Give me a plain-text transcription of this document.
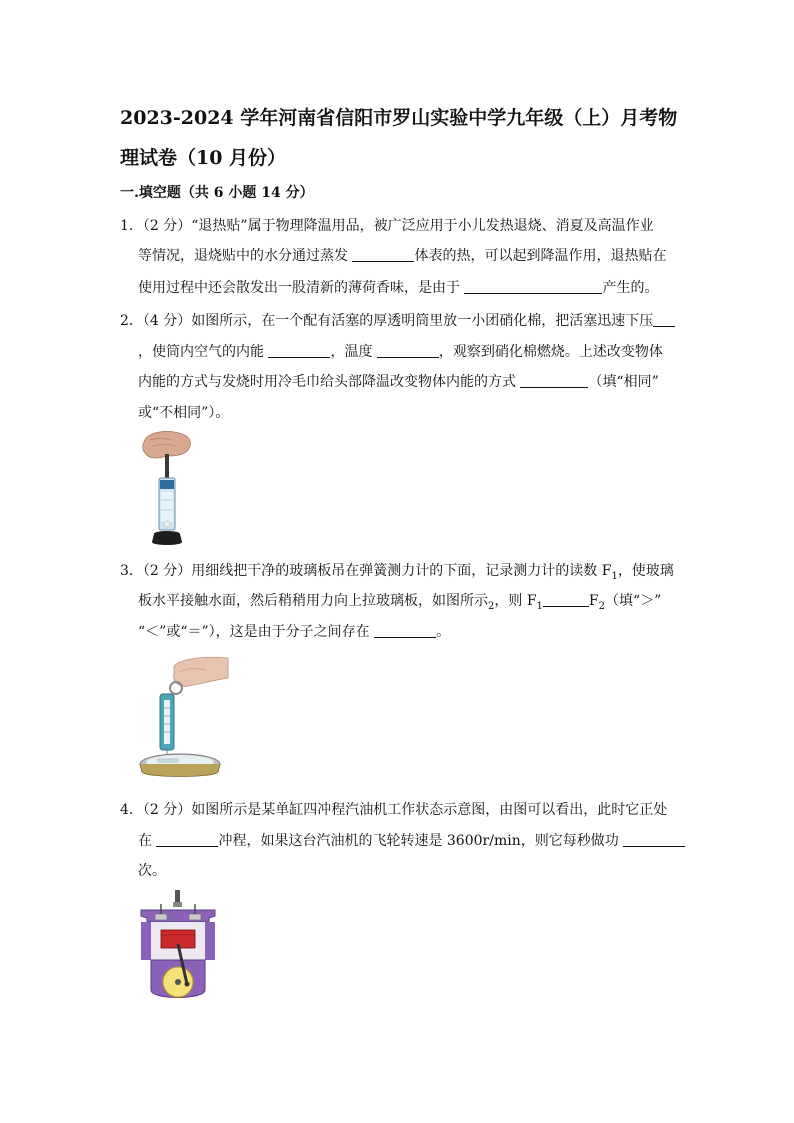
2023-2024 学年河南省信阳市罗山实验中学九年级（上）月考物
理试卷（10 月份）
一.填空题（共 6 小题 14 分）
1．（2 分）“退热贴”属于物理降温用品，被广泛应用于小儿发热退烧、消夏及高温作业
等情况，退烧贴中的水分通过蒸发	体表的热，可以起到降温作用，退热贴在
使用过程中还会散发出一股清新的薄荷香味，是由于	产生的。
2．（4 分）如图所示，在一个配有活塞的厚透明筒里放一小团硝化棉，把活塞迅速下压
，使筒内空气的内能	，温度	，观察到硝化棉燃烧。上述改变物体
内能的方式与发烧时用冷毛巾给头部降温改变物体内能的方式	（填“相同”
或“不相同”）。
3．（2 分）用细线把干净的玻璃板吊在弹簧测力计的下面，记录测力计的读数 $F_1$，使玻璃
板水平接触水面，然后稍稍用力向上拉玻璃板，如图所示$_2$，则 $F_1$	$F_2$（填“＞”
“＜”或“＝”），这是由于分子之间存在	。
4．（2 分）如图所示是某单缸四冲程汽油机工作状态示意图，由图可以看出，此时它正处
在	冲程，如果这台汽油机的飞轮转速是 3600r/min，则它每秒做功
次。
